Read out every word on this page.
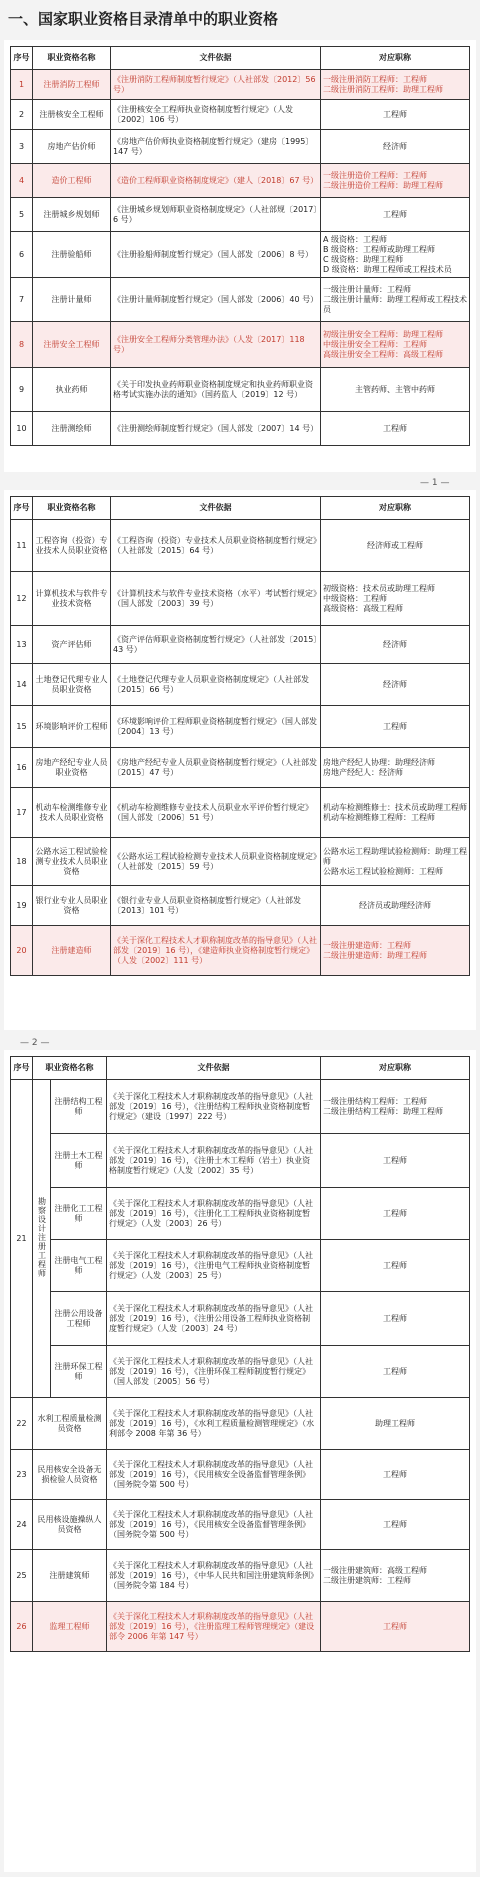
一、国家职业资格目录清单中的职业资格
序号	职业资格名称	文件依据	对应职称
1	注册消防工程师	《注册消防工程师制度暂行规定》（人社部发〔2012〕56 号）	一级注册消防工程师：工程师
二级注册消防工程师：助理工程师
2	注册核安全工程师	《注册核安全工程师执业资格制度暂行规定》（人发〔2002〕106 号）	工程师
3	房地产估价师	《房地产估价师执业资格制度暂行规定》（建房〔1995〕147 号）	经济师
4	造价工程师	《造价工程师职业资格制度规定》（建人〔2018〕67 号）	一级注册造价工程师：工程师
二级注册造价工程师：助理工程师
5	注册城乡规划师	《注册城乡规划师职业资格制度规定》（人社部规〔2017〕6 号）	工程师
6	注册验船师	《注册验船师制度暂行规定》（国人部发〔2006〕8 号）	A 级资格：工程师
B 级资格：工程师或助理工程师
C 级资格：助理工程师
D 级资格：助理工程师或工程技术员
7	注册计量师	《注册计量师制度暂行规定》（国人部发〔2006〕40 号）	一级注册计量师：工程师
二级注册计量师：助理工程师或工程技术员
8	注册安全工程师	《注册安全工程师分类管理办法》（人发〔2017〕118 号）	初级注册安全工程师：助理工程师
中级注册安全工程师：工程师
高级注册安全工程师：高级工程师
9	执业药师	《关于印发执业药师职业资格制度规定和执业药师职业资格考试实施办法的通知》（国药监人〔2019〕12 号）	主管药师、主管中药师
10	注册测绘师	《注册测绘师制度暂行规定》（国人部发〔2007〕14 号）	工程师
— 1 —
序号	职业资格名称	文件依据	对应职称
11	工程咨询（投资）专业技术人员职业资格	《工程咨询（投资）专业技术人员职业资格制度暂行规定》（人社部发〔2015〕64 号）	经济师或工程师
12	计算机技术与软件专业技术资格	《计算机技术与软件专业技术资格（水平）考试暂行规定》（国人部发〔2003〕39 号）	初级资格：技术员或助理工程师
中级资格：工程师
高级资格：高级工程师
13	资产评估师	《资产评估师职业资格制度暂行规定》（人社部发〔2015〕43 号）	经济师
14	土地登记代理专业人员职业资格	《土地登记代理专业人员职业资格制度规定》（人社部发〔2015〕66 号）	经济师
15	环境影响评价工程师	《环境影响评价工程师职业资格制度暂行规定》（国人部发〔2004〕13 号）	工程师
16	房地产经纪专业人员职业资格	《房地产经纪专业人员职业资格制度暂行规定》（人社部发〔2015〕47 号）	房地产经纪人协理：助理经济师
房地产经纪人：经济师
17	机动车检测维修专业技术人员职业资格	《机动车检测维修专业技术人员职业水平评价暂行规定》（国人部发〔2006〕51 号）	机动车检测维修士：技术员或助理工程师
机动车检测维修工程师：工程师
18	公路水运工程试验检测专业技术人员职业资格	《公路水运工程试验检测专业技术人员职业资格制度规定》（人社部发〔2015〕59 号）	公路水运工程助理试验检测师：助理工程师
公路水运工程试验检测师：工程师
19	银行业专业人员职业资格	《银行业专业人员职业资格制度暂行规定》（人社部发〔2013〕101 号）	经济员或助理经济师
20	注册建造师	《关于深化工程技术人才职称制度改革的指导意见》（人社部发〔2019〕16 号），《建造师执业资格制度暂行规定》（人发〔2002〕111 号）	一级注册建造师：工程师
二级注册建造师：助理工程师
— 2 —
序号	职业资格名称		文件依据	对应职称
21	勘察设计注册工程师	注册结构工程师	《关于深化工程技术人才职称制度改革的指导意见》（人社部发〔2019〕16 号），《注册结构工程师执业资格制度暂行规定》（建设〔1997〕222 号）	一级注册结构工程师：工程师
二级注册结构工程师：助理工程师
		注册土木工程师	《关于深化工程技术人才职称制度改革的指导意见》（人社部发〔2019〕16 号），《注册土木工程师（岩土）执业资格制度暂行规定》（人发〔2002〕35 号）	工程师
		注册化工工程师	《关于深化工程技术人才职称制度改革的指导意见》（人社部发〔2019〕16 号），《注册化工工程师执业资格制度暂行规定》（人发〔2003〕26 号）	工程师
		注册电气工程师	《关于深化工程技术人才职称制度改革的指导意见》（人社部发〔2019〕16 号），《注册电气工程师执业资格制度暂行规定》（人发〔2003〕25 号）	工程师
		注册公用设备工程师	《关于深化工程技术人才职称制度改革的指导意见》（人社部发〔2019〕16 号），《注册公用设备工程师执业资格制度暂行规定》（人发〔2003〕24 号）	工程师
		注册环保工程师	《关于深化工程技术人才职称制度改革的指导意见》（人社部发〔2019〕16 号），《注册环保工程师制度暂行规定》（国人部发〔2005〕56 号）	工程师
22	水利工程质量检测员资格		《关于深化工程技术人才职称制度改革的指导意见》（人社部发〔2019〕16 号），《水利工程质量检测管理规定》（水利部令 2008 年第 36 号）	助理工程师
23	民用核安全设备无损检验人员资格		《关于深化工程技术人才职称制度改革的指导意见》（人社部发〔2019〕16 号），《民用核安全设备监督管理条例》（国务院令第 500 号）	工程师
24	民用核设施操纵人员资格		《关于深化工程技术人才职称制度改革的指导意见》（人社部发〔2019〕16 号），《民用核安全设备监督管理条例》（国务院令第 500 号）	工程师
25	注册建筑师		《关于深化工程技术人才职称制度改革的指导意见》（人社部发〔2019〕16 号），《中华人民共和国注册建筑师条例》（国务院令第 184 号）	一级注册建筑师：高级工程师
二级注册建筑师：工程师
26	监理工程师		《关于深化工程技术人才职称制度改革的指导意见》（人社部发〔2019〕16 号），《注册监理工程师管理规定》（建设部令 2006 年第 147 号）	工程师
